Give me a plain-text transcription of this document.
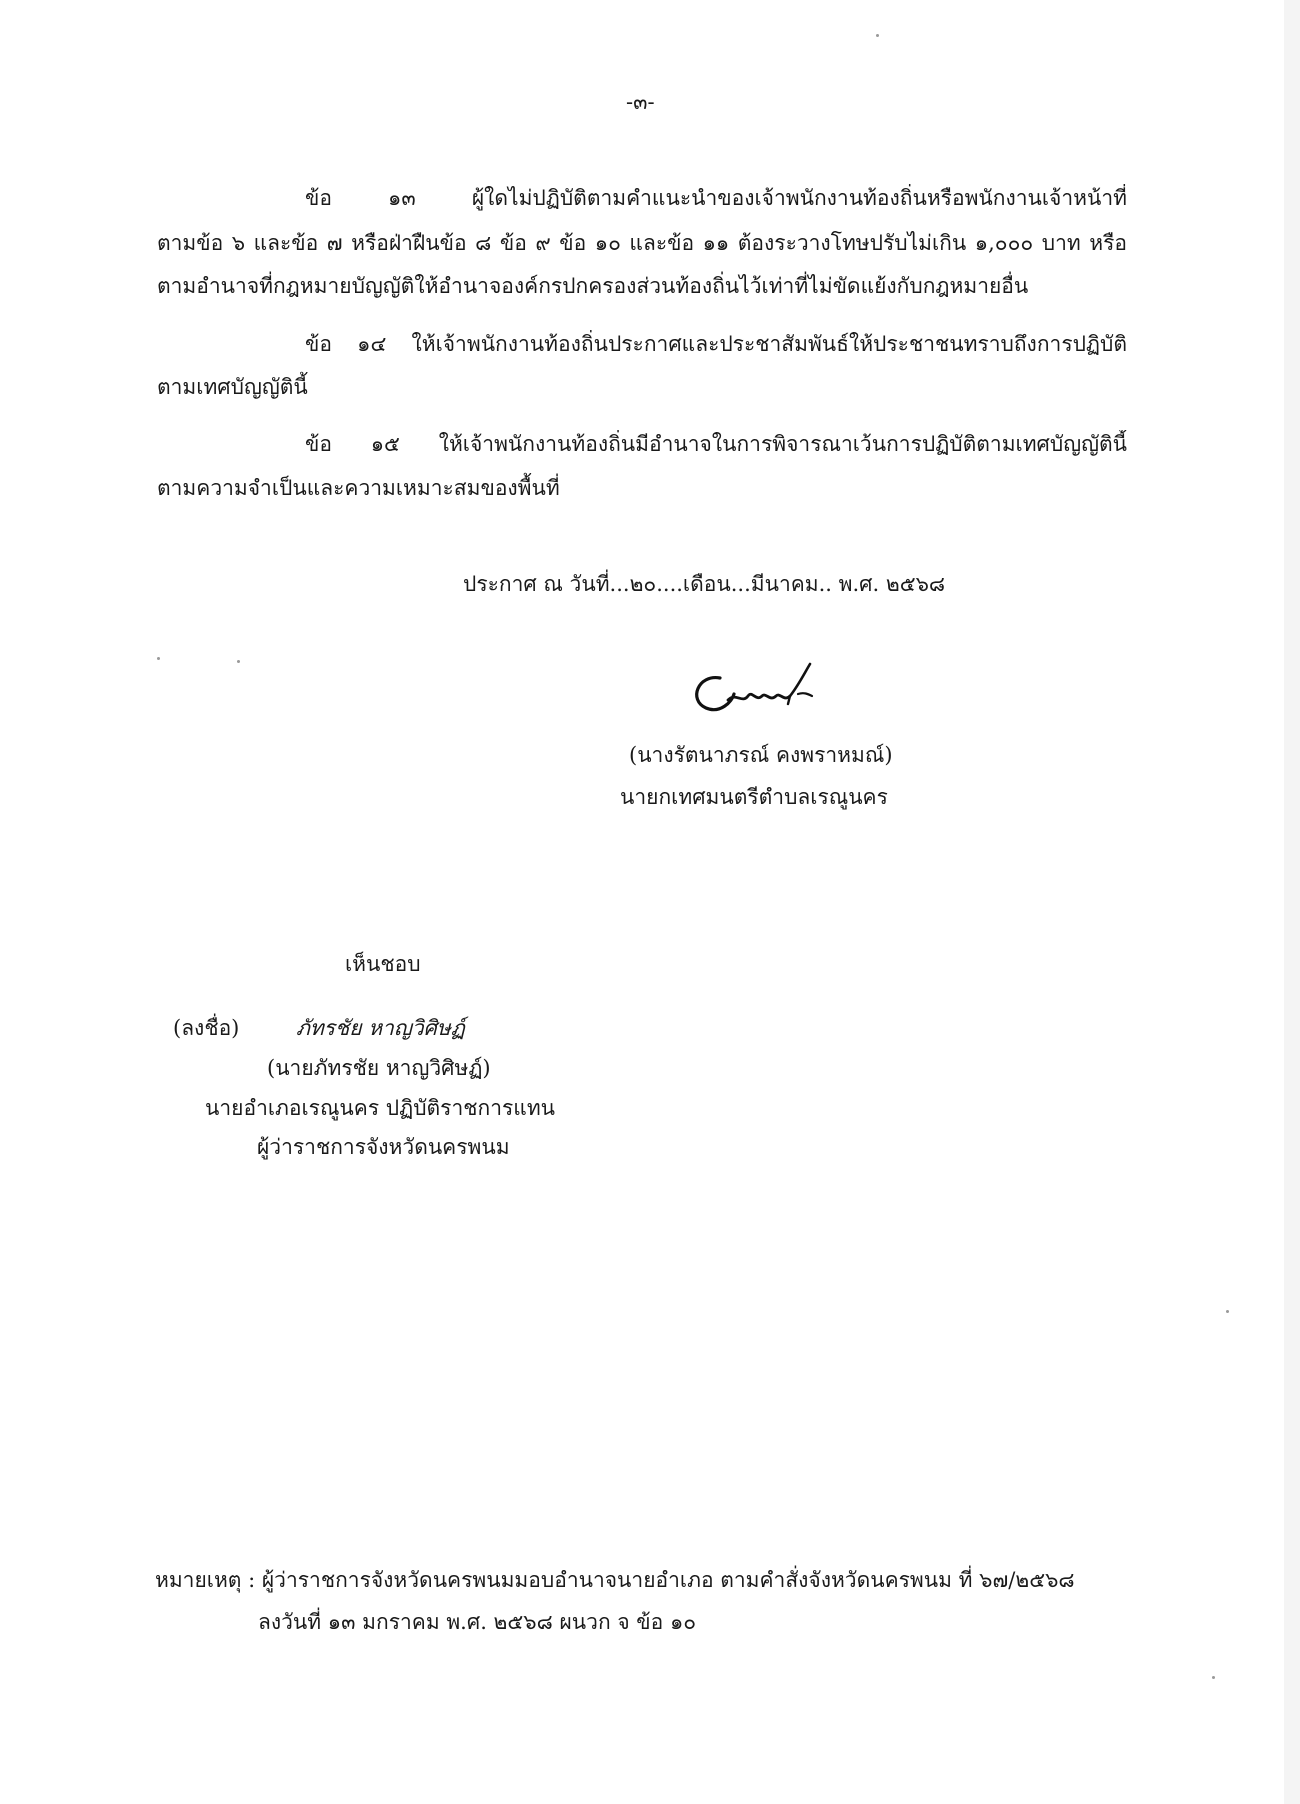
-๓-
ข้อ ๑๓ ผู้ใดไม่ปฏิบัติตามคำแนะนำของเจ้าพนักงานท้องถิ่นหรือพนักงานเจ้าหน้าที่
ตามข้อ ๖ และข้อ ๗ หรือฝ่าฝืนข้อ ๘ ข้อ ๙ ข้อ ๑๐ และข้อ ๑๑ ต้องระวางโทษปรับไม่เกิน ๑,๐๐๐ บาท หรือ
ตามอำนาจที่กฎหมายบัญญัติให้อำนาจองค์กรปกครองส่วนท้องถิ่นไว้เท่าที่ไม่ขัดแย้งกับกฎหมายอื่น
ข้อ ๑๔ ให้เจ้าพนักงานท้องถิ่นประกาศและประชาสัมพันธ์ให้ประชาชนทราบถึงการปฏิบัติ
ตามเทศบัญญัตินี้
ข้อ ๑๕ ให้เจ้าพนักงานท้องถิ่นมีอำนาจในการพิจารณาเว้นการปฏิบัติตามเทศบัญญัตินี้
ตามความจำเป็นและความเหมาะสมของพื้นที่
ประกาศ ณ วันที่...๒๐....เดือน...มีนาคม.. พ.ศ. ๒๕๖๘
(นางรัตนาภรณ์ คงพราหมณ์)
นายกเทศมนตรีตำบลเรณูนคร
เห็นชอบ
(ลงชื่อ)	ภัทรชัย หาญวิศิษฏ์
(นายภัทรชัย หาญวิศิษฏ์)
นายอำเภอเรณูนคร ปฏิบัติราชการแทน
ผู้ว่าราชการจังหวัดนครพนม
หมายเหตุ : ผู้ว่าราชการจังหวัดนครพนมมอบอำนาจนายอำเภอ ตามคำสั่งจังหวัดนครพนม ที่ ๖๗/๒๕๖๘
ลงวันที่ ๑๓ มกราคม พ.ศ. ๒๕๖๘ ผนวก จ ข้อ ๑๐
